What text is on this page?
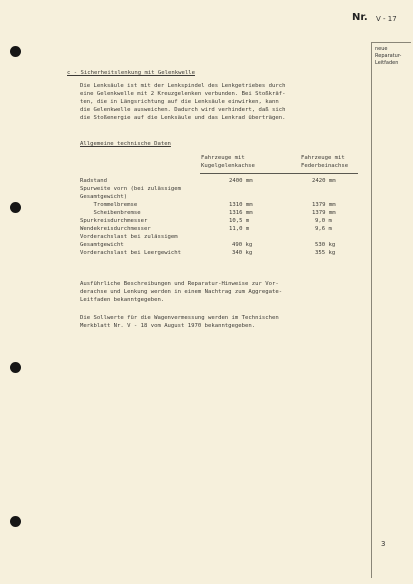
Nr. V - 17
neue
Reparatur-
Leitfaden
c - Sicherheitslenkung mit Gelenkwelle
Die Lenksäule ist mit der Lenkspindel des Lenkgetriebes durch
eine Gelenkwelle mit 2 Kreuzgelenken verbunden. Bei Stoßkräf-
ten, die in Längsrichtung auf die Lenksäule einwirken, kann
die Gelenkwelle ausweichen. Dadurch wird verhindert, daß sich
die Stoßenergie auf die Lenksäule und das Lenkrad überträgen.
Allgemeine technische Daten
Fahrzeuge mit
Kugelgelenkachse
Fahrzeuge mit
Federbeinachse
Radstand	2400 mm	2420 mm
Spurweite vorn (bei zulässigem
Gesamtgewicht)
Trommelbremse	1310 mm	1379 mm
Scheibenbremse	1316 mm	1379 mm
Spurkreisdurchmesser	10,5 m	9,0 m
Wendekreisdurchmesser	11,0 m	9,6 m
Vorderachslast bei zulässigem
Gesamtgewicht	490 kg	530 kg
Vorderachslast bei Leergewicht	340 kg	355 kg
Ausführliche Beschreibungen und Reparatur-Hinweise zur Vor-
derachse und Lenkung werden in einem Nachtrag zum Aggregate-
Leitfaden bekanntgegeben.
Die Sollwerte für die Wagenvermessung werden im Technischen
Merkblatt Nr. V - 18 vom August 1970 bekanntgegeben.
3
